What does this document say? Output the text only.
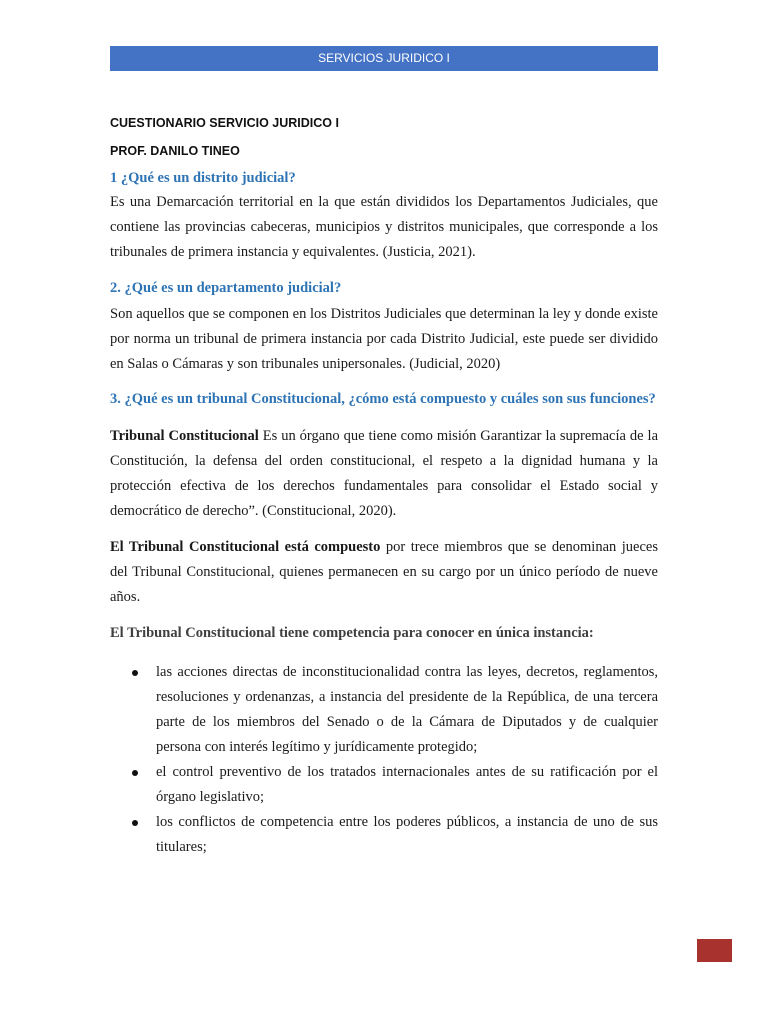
SERVICIOS JURIDICO I
CUESTIONARIO SERVICIO JURIDICO I
PROF. DANILO TINEO
1 ¿Qué es un distrito judicial?

Es una Demarcación territorial en la que están divididos los Departamentos Judiciales, que contiene las provincias cabeceras, municipios y distritos municipales, que corresponde a los tribunales de primera instancia y equivalentes. (Justicia, 2021).

2. ¿Qué es un departamento judicial?

Son aquellos que se componen en los Distritos Judiciales que determinan la ley y donde existe por norma un tribunal de primera instancia por cada Distrito Judicial, este puede ser dividido en Salas o Cámaras y son tribunales unipersonales. (Judicial, 2020)

3. ¿Qué es un tribunal Constitucional, ¿cómo está compuesto y cuáles son sus funciones?

Tribunal Constitucional Es un órgano que tiene como misión Garantizar la supremacía de la Constitución, la defensa del orden constitucional, el respeto a la dignidad humana y la protección efectiva de los derechos fundamentales para consolidar el Estado social y democrático de derecho”. (Constitucional, 2020).

El Tribunal Constitucional está compuesto por trece miembros que se denominan jueces del Tribunal Constitucional, quienes permanecen en su cargo por un único período de nueve años.

El Tribunal Constitucional tiene competencia para conocer en única instancia:
las acciones directas de inconstitucionalidad contra las leyes, decretos, reglamentos, resoluciones y ordenanzas, a instancia del presidente de la República, de una tercera parte de los miembros del Senado o de la Cámara de Diputados y de cualquier persona con interés legítimo y jurídicamente protegido;
el control preventivo de los tratados internacionales antes de su ratificación por el órgano legislativo;
los conflictos de competencia entre los poderes públicos, a instancia de uno de sus titulares;
